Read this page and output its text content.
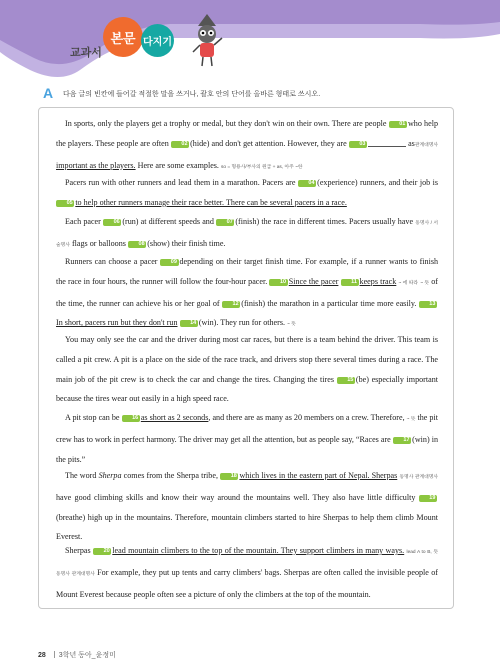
교과서
본문 다지기
A 다음 글의 빈칸에 들어갈 적절한 말을 쓰거나, 괄호 안의 단어를 올바른 형태로 쓰시오.
In sports, only the players get a trophy or medal, but they don't win on their own. There are people 01 who help the players. These people are often 02 (hide) and don't get attention. However, they are 03	as관계대명사 important as the players. Here are some examples. so = 형용사/부사의 원급 + as, 아주 ~한
Pacers run with other runners and lead them in a marathon. Pacers are 04 (experience) runners, and their job is 05 to help other runners manage their race better. There can be several pacers in a race.
Each pacer 06 (run) at different speeds and 07 (finish) the race in different times. Pacers usually have 동명사 / 서술명사 flags or balloons 08 (show) their finish time.
Runners can choose a pacer 09 depending on their target finish time. For example, if a runner wants to finish the race in four hours, the runner will follow the four-hour pacer. 10 Since the pacer 11 keeps track ~ 에 따라 ~ 뜻 of the time, the runner can achieve his or her goal of 12 (finish) the marathon in a particular time more easily. 13In short, pacers run but they don't run 14 (win). They run for others. ~ 뜻
You may only see the car and the driver during most car races, but there is a team behind the driver. This team is called a pit crew. A pit is a place on the side of the race track, and drivers stop there several times during a race. The main job of the pit crew is to check the car and change the tires. Changing the tires 15 (be) especially important because the tires wear out easily in a high speed race.
A pit stop can be 16 as short as 2 seconds, and there are as many as 20 members on a crew. Therefore, ~ 뜻 the pit crew has to work in perfect harmony. The driver may get all the attention, but as people say, “Races are 17 (win) in the pits.”
The word Sherpa comes from the Sherpa tribe, 18 which lives in the eastern part of Nepal. Sherpas 동명사 관계대명사 have good climbing skills and know their way around the mountains well. They also have little difficulty	19(breathe) high up in the mountains. Therefore, mountain climbers started to hire Sherpas to help them climb Mount Everest.
Sherpas 20 lead mountain climbers to the top of the mountain. They support climbers in many ways. lead A to B, 뜻 동명사 관계대명사 For example, they put up tents and carry climbers' bags. Sherpas are often called the invisible people of Mount Everest because people often see a picture of only the climbers at the top of the mountain.
28 3학년 동아_윤정미
